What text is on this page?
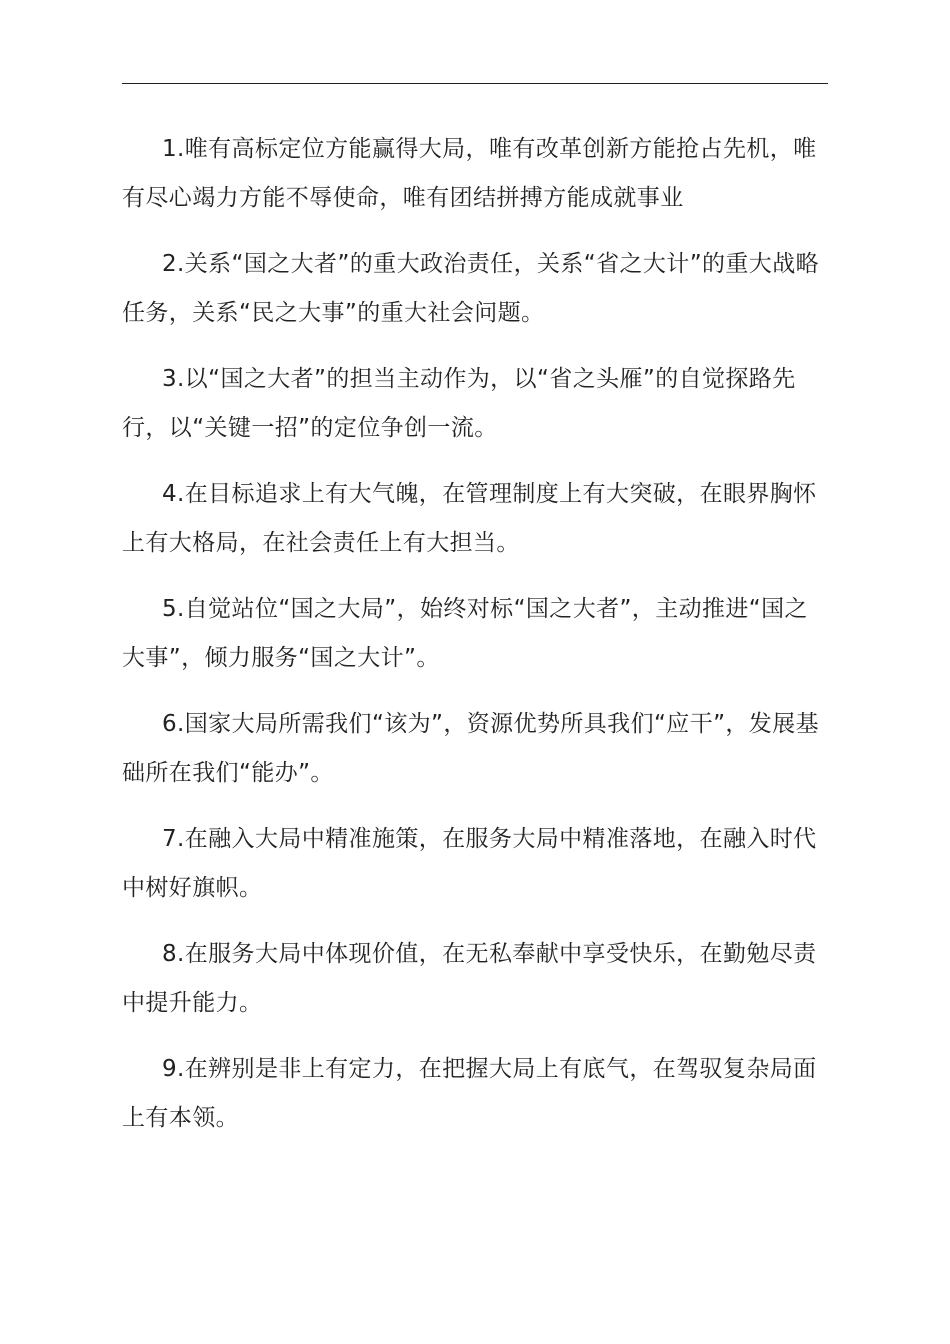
1.唯有高标定位方能赢得大局，唯有改革创新方能抢占先机，唯有尽心竭力方能不辱使命，唯有团结拼搏方能成就事业

2.关系“国之大者”的重大政治责任，关系“省之大计”的重大战略任务，关系“民之大事”的重大社会问题。

3.以“国之大者”的担当主动作为，以“省之头雁”的自觉探路先行，以“关键一招”的定位争创一流。

4.在目标追求上有大气魄，在管理制度上有大突破，在眼界胸怀上有大格局，在社会责任上有大担当。

5.自觉站位“国之大局”，始终对标“国之大者”，主动推进“国之大事”，倾力服务“国之大计”。

6.国家大局所需我们“该为”，资源优势所具我们“应干”，发展基础所在我们“能办”。

7.在融入大局中精准施策，在服务大局中精准落地，在融入时代中树好旗帜。

8.在服务大局中体现价值，在无私奉献中享受快乐，在勤勉尽责中提升能力。

9.在辨别是非上有定力，在把握大局上有底气，在驾驭复杂局面上有本领。
